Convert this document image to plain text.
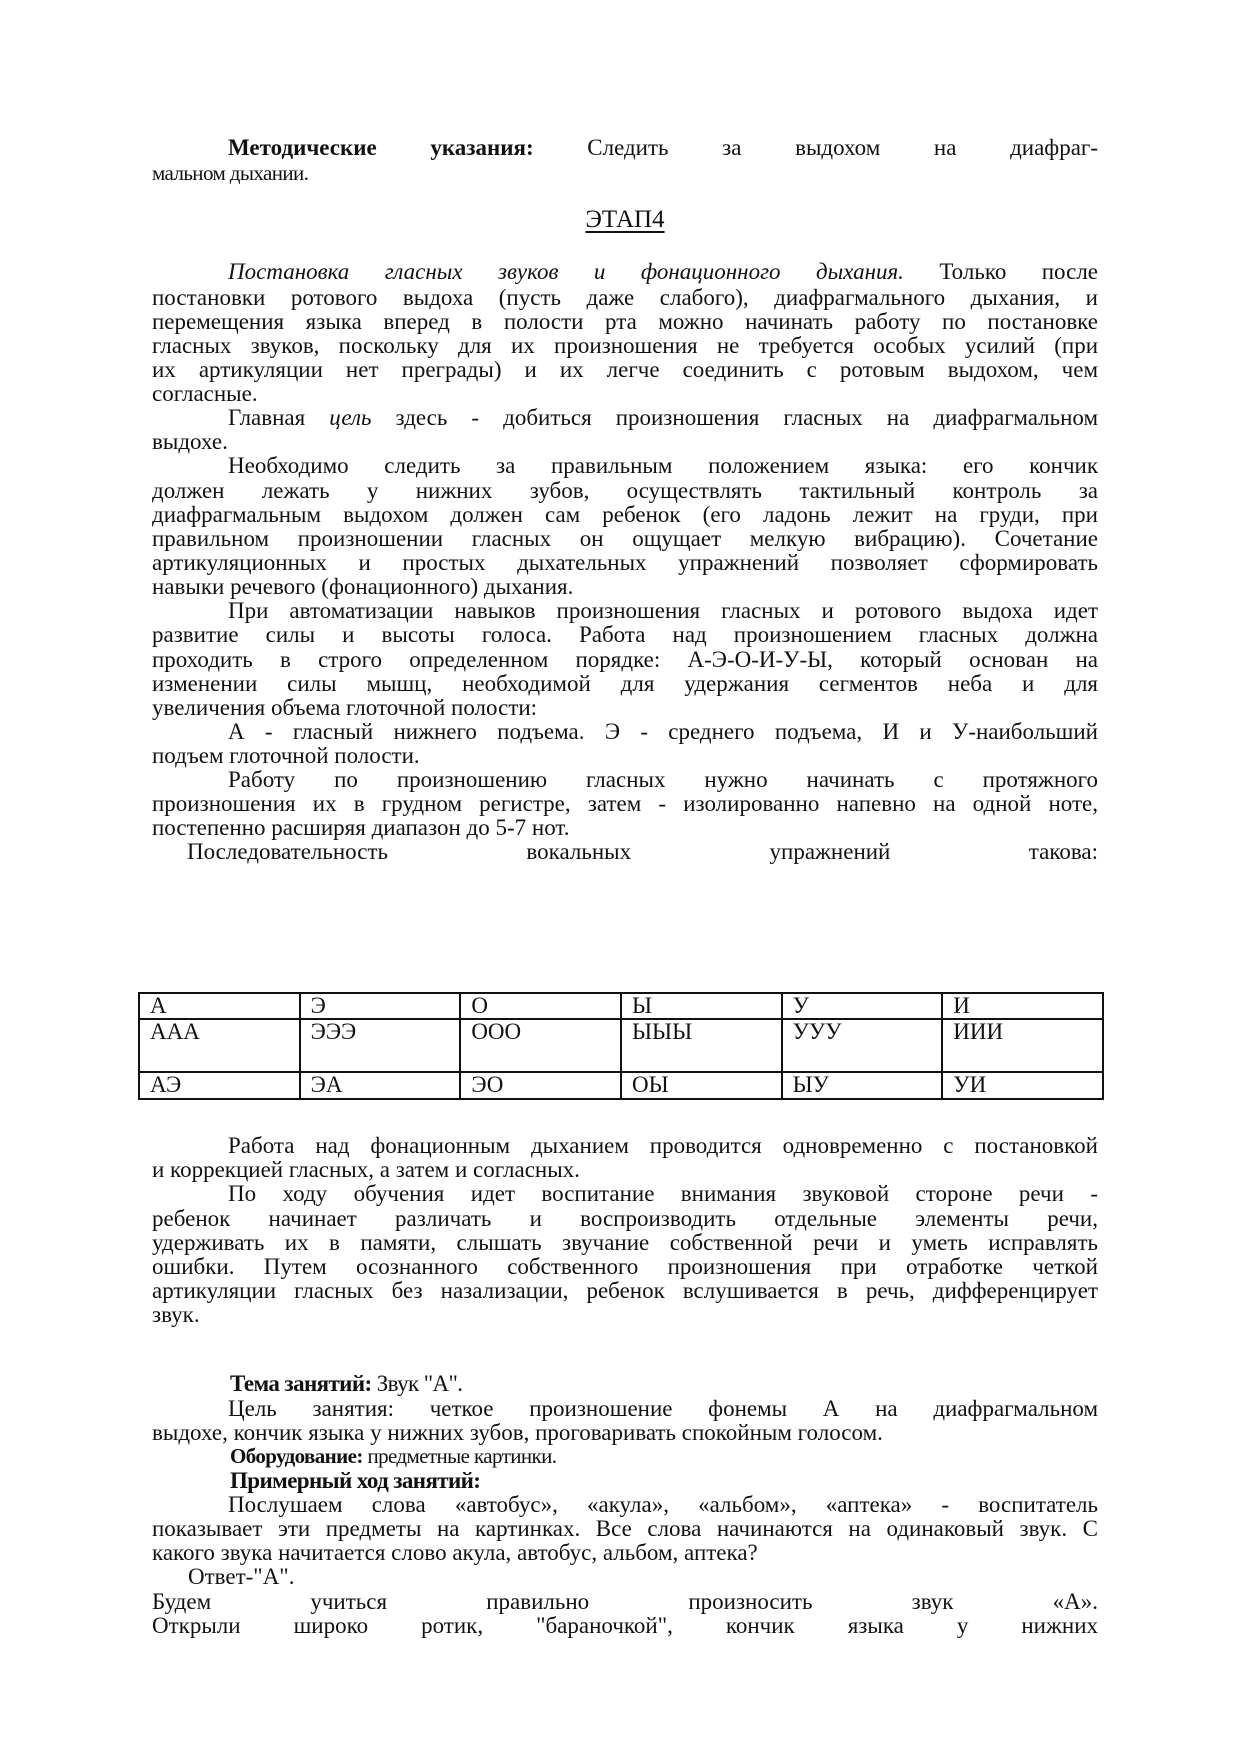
Методические указания: Следить за выдохом на диафраг-
мальном дыхании.
ЭТАП4
Постановка гласных звуков и фонационного дыхания. Только после
постановки ротового выдоха (пусть даже слабого), диафрагмального дыхания, и
перемещения языка вперед в полости рта можно начинать работу по постановке
гласных звуков, поскольку для их произношения не требуется особых усилий (при
их артикуляции нет преграды) и их легче соединить с ротовым выдохом, чем
согласные.
Главная цель здесь - добиться произношения гласных на диафрагмальном
выдохе.
Необходимо следить за правильным положением языка: его кончик
должен лежать у нижних зубов, осуществлять тактильный контроль за
диафрагмальным выдохом должен сам ребенок (его ладонь лежит на груди, при
правильном произношении гласных он ощущает мелкую вибрацию). Сочетание
артикуляционных и простых дыхательных упражнений позволяет сформировать
навыки речевого (фонационного) дыхания.
При автоматизации навыков произношения гласных и ротового выдоха идет
развитие силы и высоты голоса. Работа над произношением гласных должна
проходить в строго определенном порядке: А-Э-О-И-У-Ы, который основан на
изменении силы мышц, необходимой для удержания сегментов неба и для
увеличения объема глоточной полости:
А - гласный нижнего подъема. Э - среднего подъема, И и У-наибольший
подъем глоточной полости.
Работу по произношению гласных нужно начинать с протяжного
произношения их в грудном регистре, затем - изолированно напевно на одной ноте,
постепенно расширяя диапазон до 5-7 нот.
Последовательность вокальных упражнений такова:
А	Э	О	Ы	У	И
ААА	ЭЭЭ	ООО	ЫЫЫ	УУУ	ИИИ
АЭ	ЭА	ЭО	ОЫ	ЫУ	УИ
Работа над фонационным дыханием проводится одновременно с постановкой
и коррекцией гласных, а затем и согласных.
По ходу обучения идет воспитание внимания звуковой стороне речи -
ребенок начинает различать и воспроизводить отдельные элементы речи,
удерживать их в памяти, слышать звучание собственной речи и уметь исправлять
ошибки. Путем осознанного собственного произношения при отработке четкой
артикуляции гласных без назализации, ребенок вслушивается в речь, дифференцирует
звук.
Тема занятий: Звук "А".
Цель занятия: четкое произношение фонемы А на диафрагмальном
выдохе, кончик языка у нижних зубов, проговаривать спокойным голосом.
Оборудование: предметные картинки.
Примерный ход занятий:
Послушаем слова «автобус», «акула», «альбом», «аптека» - воспитатель
показывает эти предметы на картинках. Все слова начинаются на одинаковый звук. С
какого звука начитается слово акула, автобус, альбом, аптека?
Ответ-"А".
Будем учиться правильно произносить звук «А».
Открыли широко ротик, "бараночкой", кончик языка у нижних
